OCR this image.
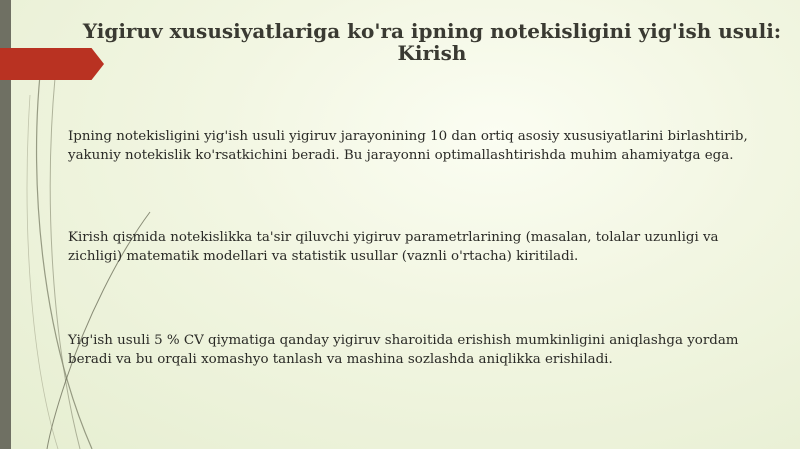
Yigiruv xususiyatlariga ko'ra ipning notekisligini yig'ish usuli: Kirish

Ipning notekisligini yig'ish usuli yigiruv jarayonining 10 dan ortiq asosiy xususiyatlarini birlashtirib, yakuniy notekislik ko'rsatkichini beradi. Bu jarayonni optimallashtirishda muhim ahamiyatga ega.

Kirish qismida notekislikka ta'sir qiluvchi yigiruv parametrlarining (masalan, tolalar uzunligi va zichligi) matematik modellari va statistik usullar (vaznli o'rtacha) kiritiladi.

Yig'ish usuli 5 % CV qiymatiga qanday yigiruv sharoitida erishish mumkinligini aniqlashga yordam beradi va bu orqali xomashyo tanlash va mashina sozlashda aniqlikka erishiladi.
